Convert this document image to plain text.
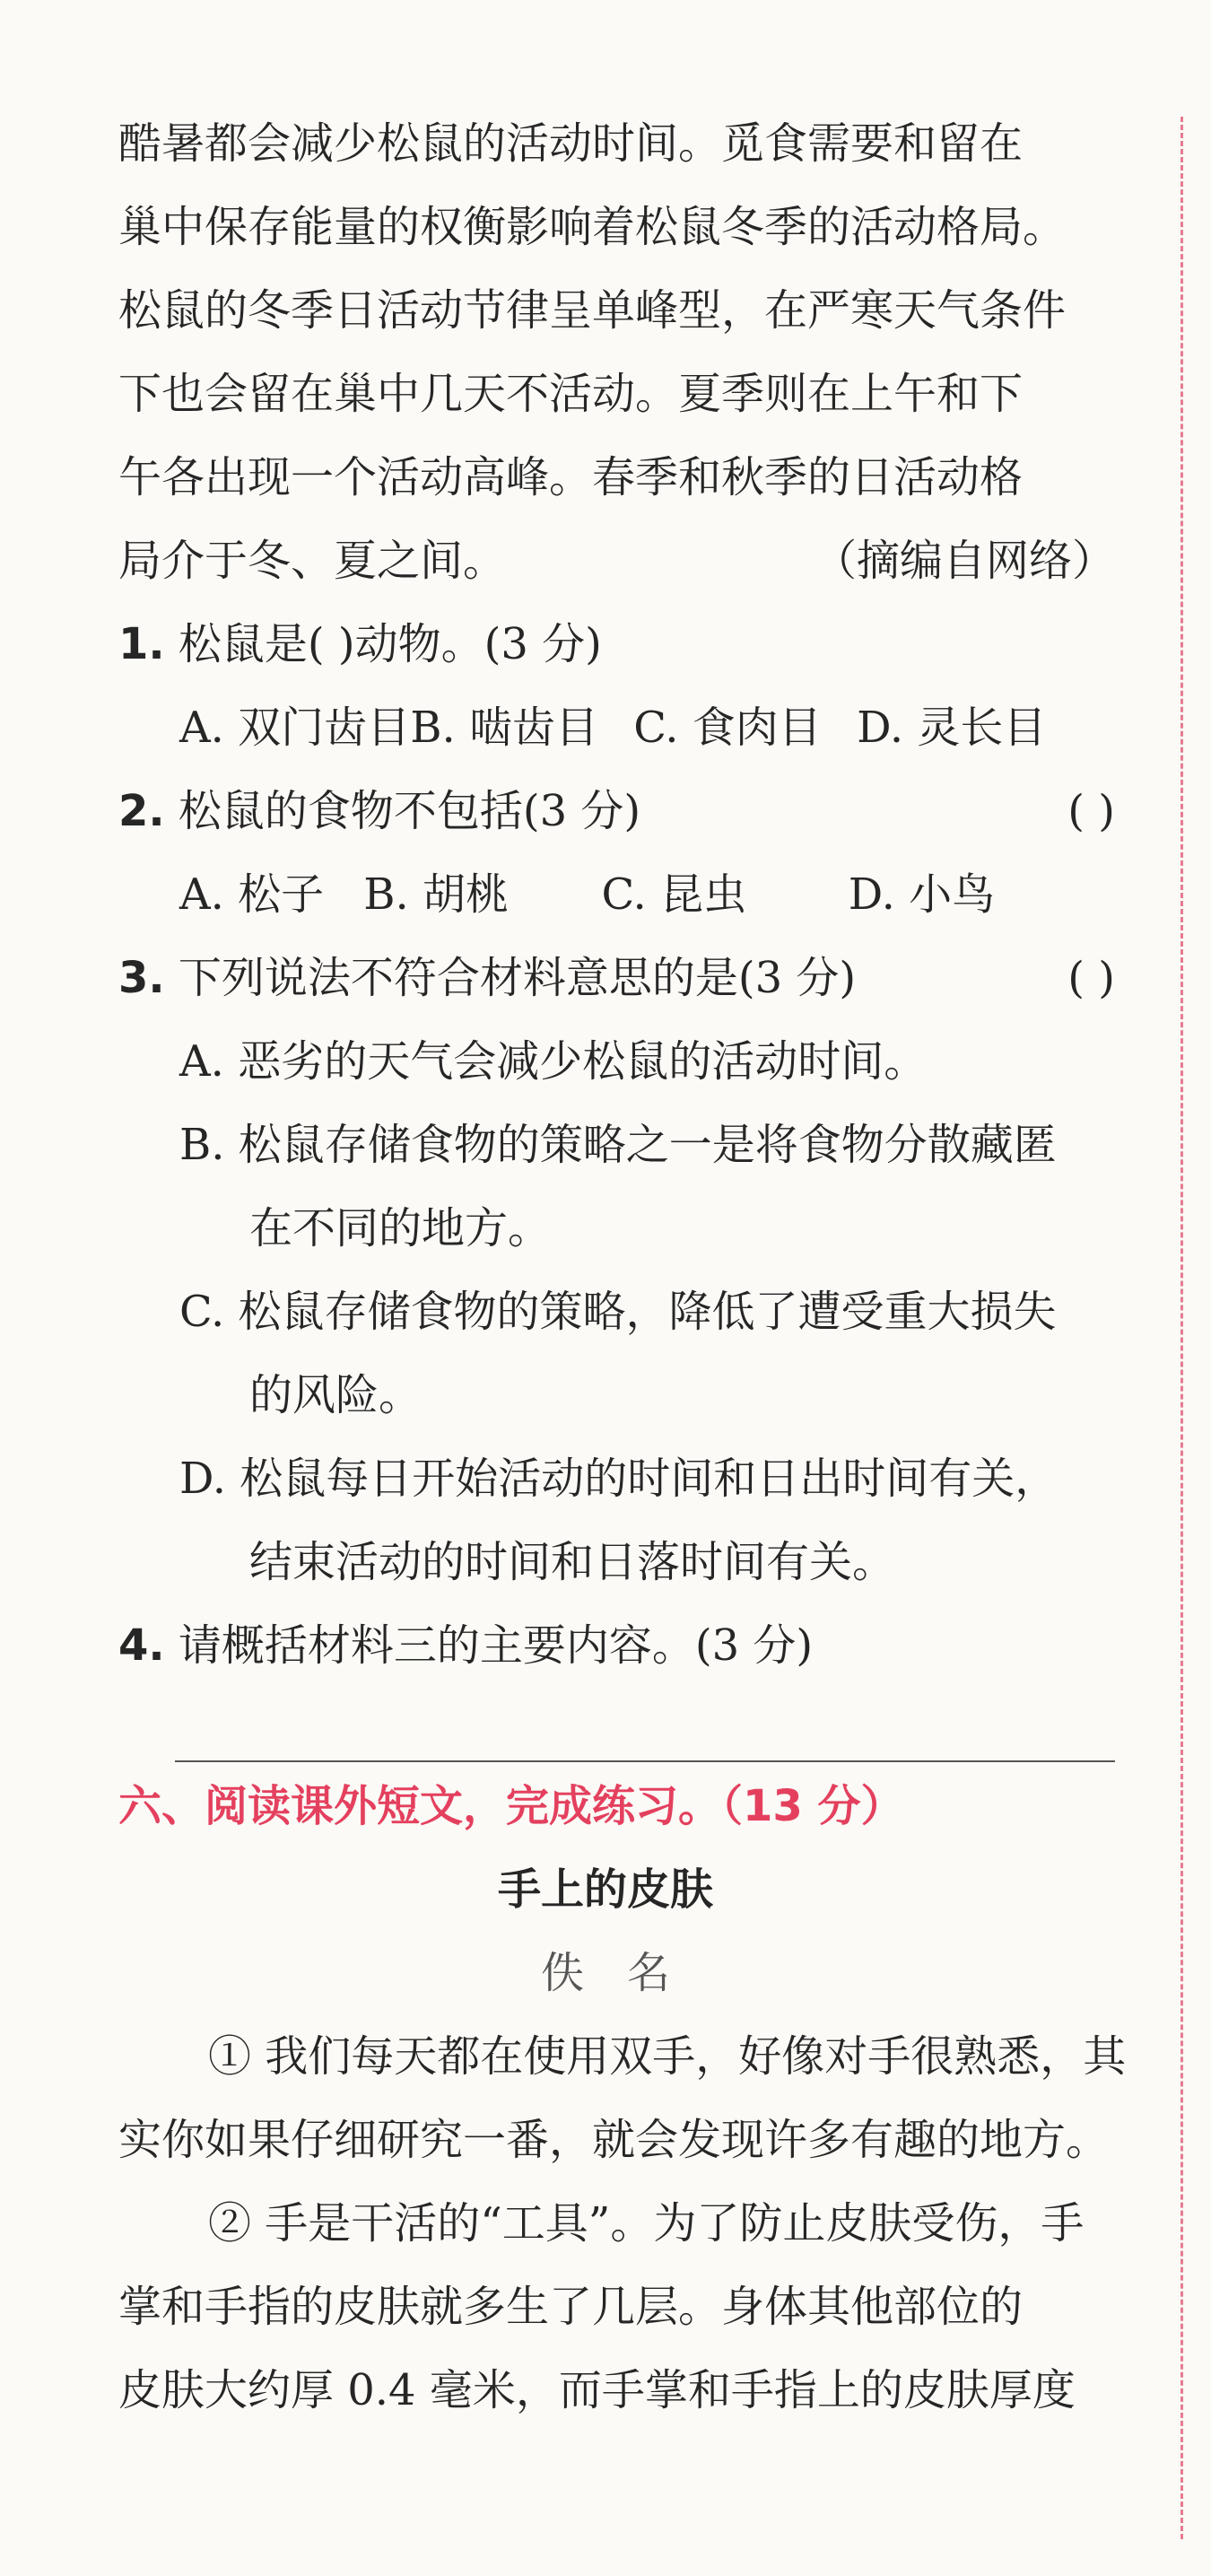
酷暑都会减少松鼠的活动时间。觅食需要和留在
巢中保存能量的权衡影响着松鼠冬季的活动格局。
松鼠的冬季日活动节律呈单峰型，在严寒天气条件
下也会留在巢中几天不活动。夏季则在上午和下
午各出现一个活动高峰。春季和秋季的日活动格
局介于冬、夏之间。	（摘编自网络）
1. 松鼠是( )动物。(3 分)
A. 双门齿目B. 啮齿目 C. 食肉目 D. 灵长目
2. 松鼠的食物不包括(3 分)	( )
A. 松子 B. 胡桃 C. 昆虫 D. 小鸟
3. 下列说法不符合材料意思的是(3 分)	( )
A. 恶劣的天气会减少松鼠的活动时间。
B. 松鼠存储食物的策略之一是将食物分散藏匿
在不同的地方。
C. 松鼠存储食物的策略，降低了遭受重大损失
的风险。
D. 松鼠每日开始活动的时间和日出时间有关，
结束活动的时间和日落时间有关。
4. 请概括材料三的主要内容。(3 分)
六、阅读课外短文，完成练习。（13 分）
手上的皮肤
佚　名
① 我们每天都在使用双手，好像对手很熟悉，其
实你如果仔细研究一番，就会发现许多有趣的地方。
② 手是干活的“工具”。为了防止皮肤受伤，手
掌和手指的皮肤就多生了几层。身体其他部位的
皮肤大约厚 0.4 毫米，而手掌和手指上的皮肤厚度
